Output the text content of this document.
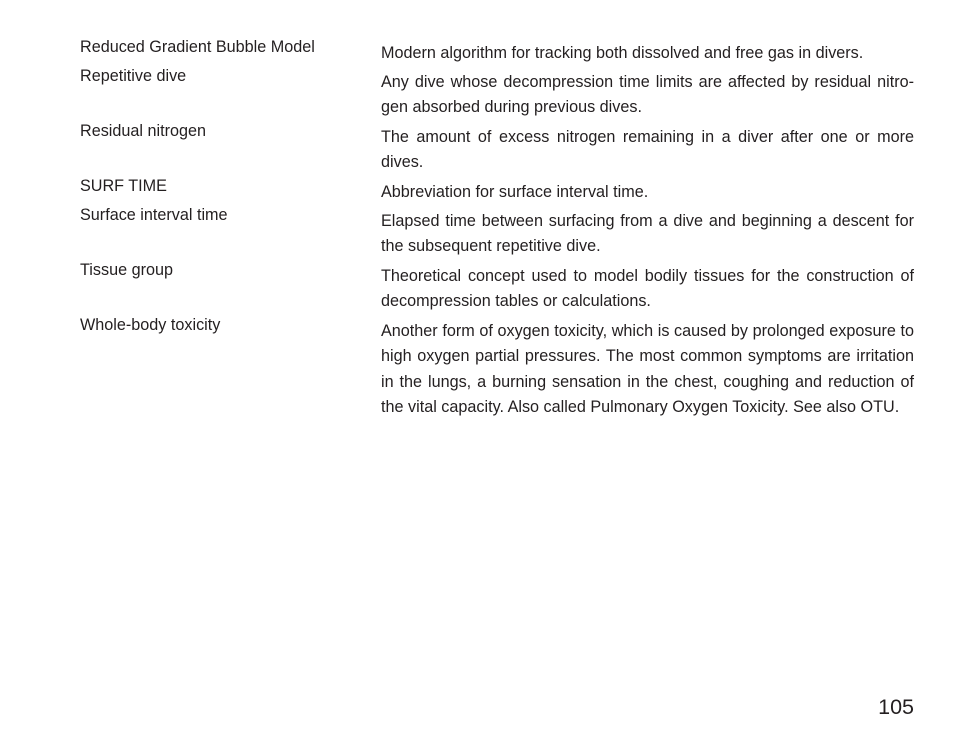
Reduced Gradient Bubble Model	Modern algorithm for tracking both dissolved and free gas in divers.
Repetitive dive	Any dive whose decompression time limits are affected by residual nitrogen absorbed during previous dives.
Residual nitrogen	The amount of excess nitrogen remaining in a diver after one or more dives.
SURF TIME	Abbreviation for surface interval time.
Surface interval time	Elapsed time between surfacing from a dive and beginning a descent for the subsequent repetitive dive.
Tissue group	Theoretical concept used to model bodily tissues for the construction of decompression tables or calculations.
Whole-body toxicity	Another form of oxygen toxicity, which is caused by prolonged exposure to high oxygen partial pressures. The most common symptoms are irritation in the lungs, a burning sensation in the chest, coughing and reduction of the vital capacity. Also called Pulmonary Oxygen Toxicity. See also OTU.
105
